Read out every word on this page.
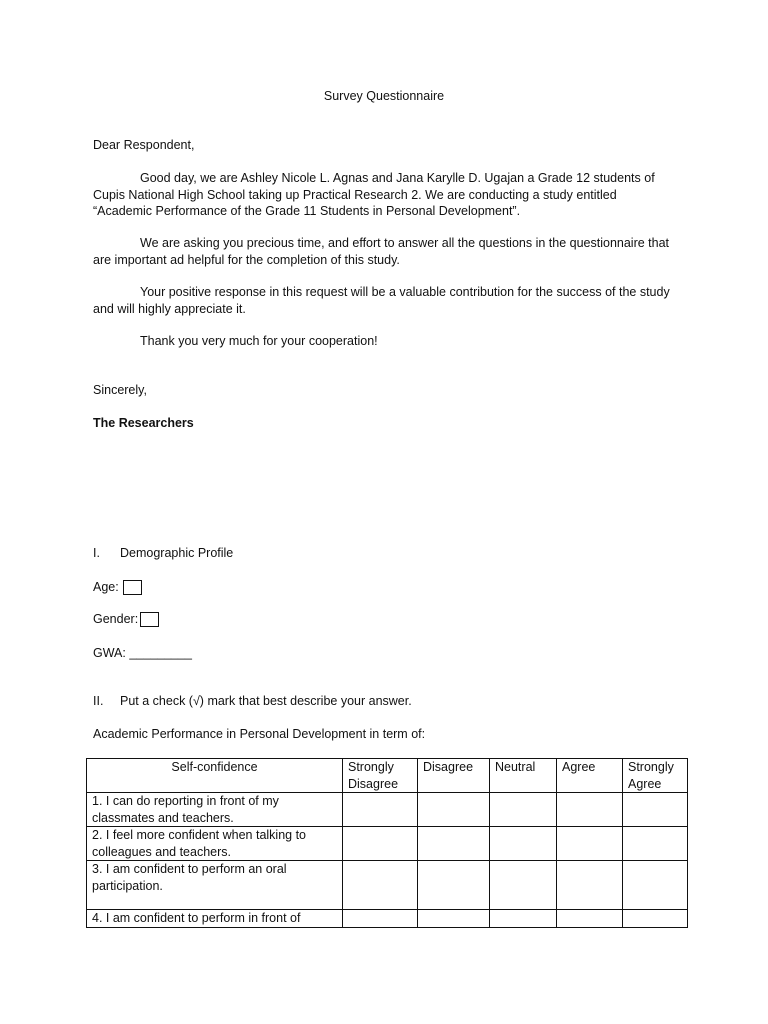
Survey Questionnaire
Dear Respondent,
Good day, we are Ashley Nicole L. Agnas and Jana Karylle D. Ugajan a Grade 12 students of Cupis National High School taking up Practical Research 2. We are conducting a study entitled “Academic Performance of the Grade 11 Students in Personal Development”.
We are asking you precious time, and effort to answer all the questions in the questionnaire that are important ad helpful for the completion of this study.
Your positive response in this request will be a valuable contribution for the success of the study and will highly appreciate it.
Thank you very much for your cooperation!
Sincerely,
The Researchers
I. Demographic Profile
Age:
Gender:
GWA: _________
II. Put a check (√) mark that best describe your answer.
Academic Performance in Personal Development in term of:
Self-confidence	Strongly Disagree	Disagree	Neutral	Agree	Strongly Agree
1. I can do reporting in front of my classmates and teachers.					
2. I feel more confident when talking to colleagues and teachers.					
3. I am confident to perform an oral participation.					
4. I am confident to perform in front of					
